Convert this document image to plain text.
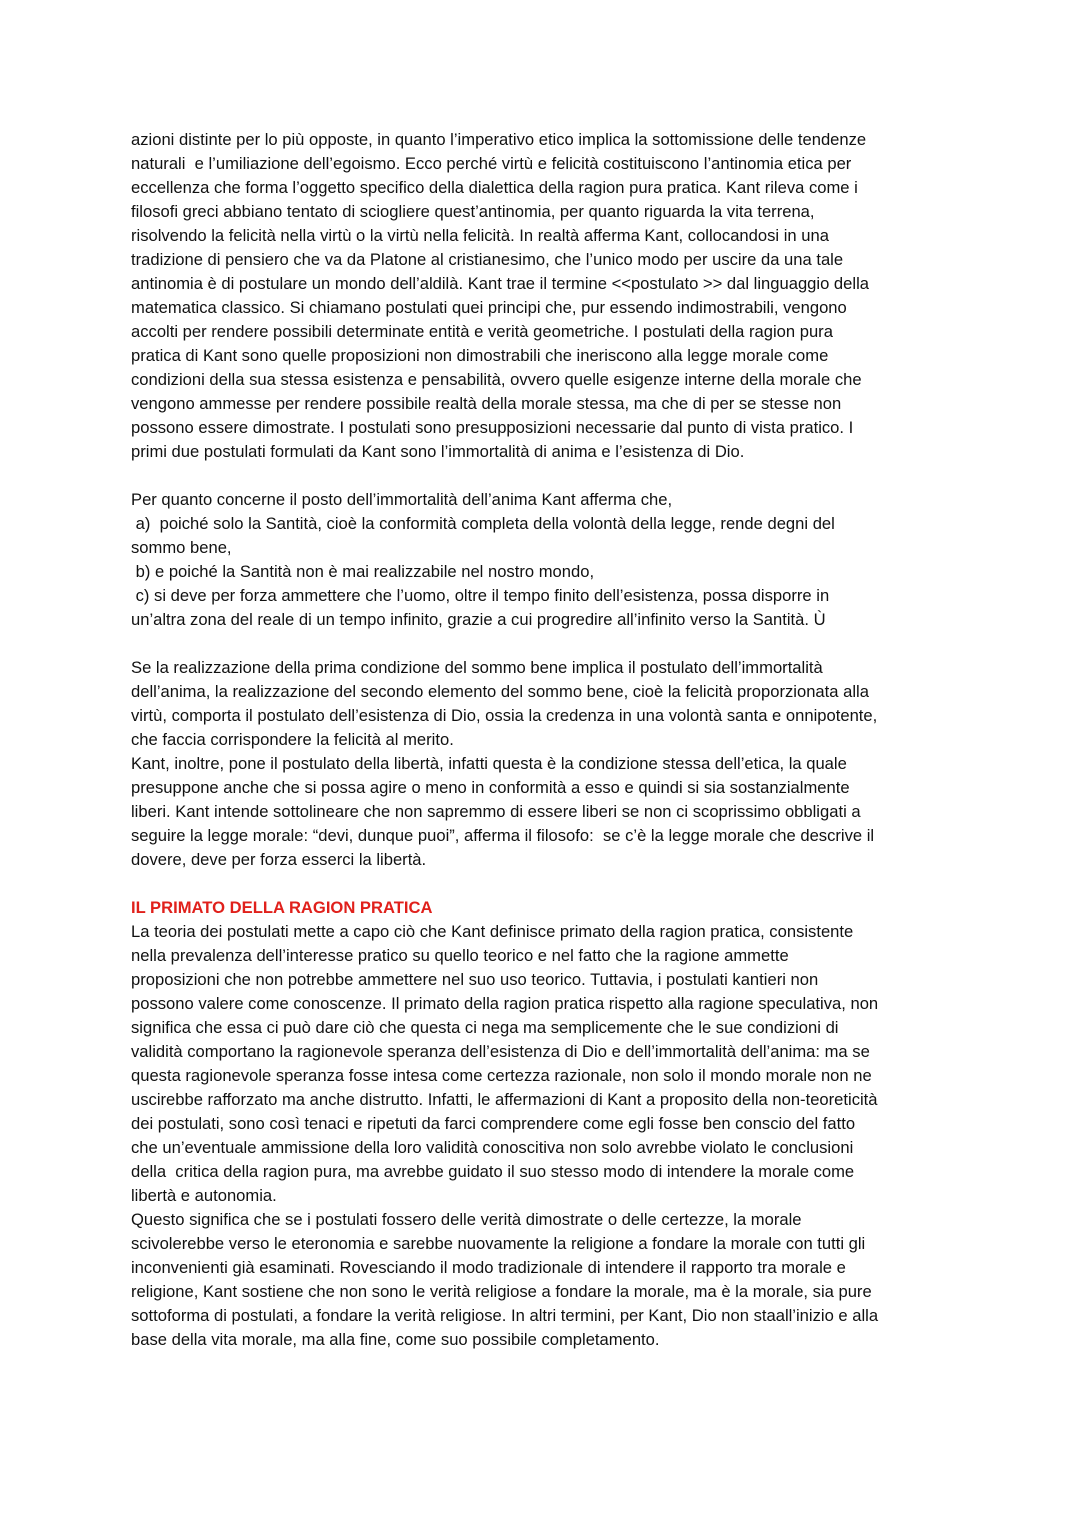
azioni distinte per lo più opposte, in quanto l’imperativo etico implica la sottomissione delle tendenze
naturali  e l’umiliazione dell’egoismo. Ecco perché virtù e felicità costituiscono l’antinomia etica per
eccellenza che forma l’oggetto specifico della dialettica della ragion pura pratica. Kant rileva come i
filosofi greci abbiano tentato di sciogliere quest’antinomia, per quanto riguarda la vita terrena,
risolvendo la felicità nella virtù o la virtù nella felicità. In realtà afferma Kant, collocandosi in una
tradizione di pensiero che va da Platone al cristianesimo, che l’unico modo per uscire da una tale
antinomia è di postulare un mondo dell’aldilà. Kant trae il termine <<postulato >> dal linguaggio della
matematica classico. Si chiamano postulati quei principi che, pur essendo indimostrabili, vengono
accolti per rendere possibili determinate entità e verità geometriche. I postulati della ragion pura
pratica di Kant sono quelle proposizioni non dimostrabili che ineriscono alla legge morale come
condizioni della sua stessa esistenza e pensabilità, ovvero quelle esigenze interne della morale che
vengono ammesse per rendere possibile realtà della morale stessa, ma che di per se stesse non
possono essere dimostrate. I postulati sono presupposizioni necessarie dal punto di vista pratico. I
primi due postulati formulati da Kant sono l’immortalità di anima e l’esistenza di Dio.
Per quanto concerne il posto dell’immortalità dell’anima Kant afferma che,
a)  poiché solo la Santità, cioè la conformità completa della volontà della legge, rende degni del
sommo bene,
b) e poiché la Santità non è mai realizzabile nel nostro mondo,
c) si deve per forza ammettere che l’uomo, oltre il tempo finito dell’esistenza, possa disporre in
un’altra zona del reale di un tempo infinito, grazie a cui progredire all’infinito verso la Santità. Ù
Se la realizzazione della prima condizione del sommo bene implica il postulato dell’immortalità
dell’anima, la realizzazione del secondo elemento del sommo bene, cioè la felicità proporzionata alla
virtù, comporta il postulato dell’esistenza di Dio, ossia la credenza in una volontà santa e onnipotente,
che faccia corrispondere la felicità al merito.
Kant, inoltre, pone il postulato della libertà, infatti questa è la condizione stessa dell’etica, la quale
presuppone anche che si possa agire o meno in conformità a esso e quindi si sia sostanzialmente
liberi. Kant intende sottolineare che non sapremmo di essere liberi se non ci scoprissimo obbligati a
seguire la legge morale: “devi, dunque puoi”, afferma il filosofo:  se c’è la legge morale che descrive il
dovere, deve per forza esserci la libertà.
IL PRIMATO DELLA RAGION PRATICA
La teoria dei postulati mette a capo ciò che Kant definisce primato della ragion pratica, consistente
nella prevalenza dell’interesse pratico su quello teorico e nel fatto che la ragione ammette
proposizioni che non potrebbe ammettere nel suo uso teorico. Tuttavia, i postulati kantieri non
possono valere come conoscenze. Il primato della ragion pratica rispetto alla ragione speculativa, non
significa che essa ci può dare ciò che questa ci nega ma semplicemente che le sue condizioni di
validità comportano la ragionevole speranza dell’esistenza di Dio e dell’immortalità dell’anima: ma se
questa ragionevole speranza fosse intesa come certezza razionale, non solo il mondo morale non ne
uscirebbe rafforzato ma anche distrutto. Infatti, le affermazioni di Kant a proposito della non-teoreticità
dei postulati, sono così tenaci e ripetuti da farci comprendere come egli fosse ben conscio del fatto
che un’eventuale ammissione della loro validità conoscitiva non solo avrebbe violato le conclusioni
della  critica della ragion pura, ma avrebbe guidato il suo stesso modo di intendere la morale come
libertà e autonomia.
Questo significa che se i postulati fossero delle verità dimostrate o delle certezze, la morale
scivolerebbe verso le eteronomia e sarebbe nuovamente la religione a fondare la morale con tutti gli
inconvenienti già esaminati. Rovesciando il modo tradizionale di intendere il rapporto tra morale e
religione, Kant sostiene che non sono le verità religiose a fondare la morale, ma è la morale, sia pure
sottoforma di postulati, a fondare la verità religiose. In altri termini, per Kant, Dio non staall’inizio e alla
base della vita morale, ma alla fine, come suo possibile completamento.
